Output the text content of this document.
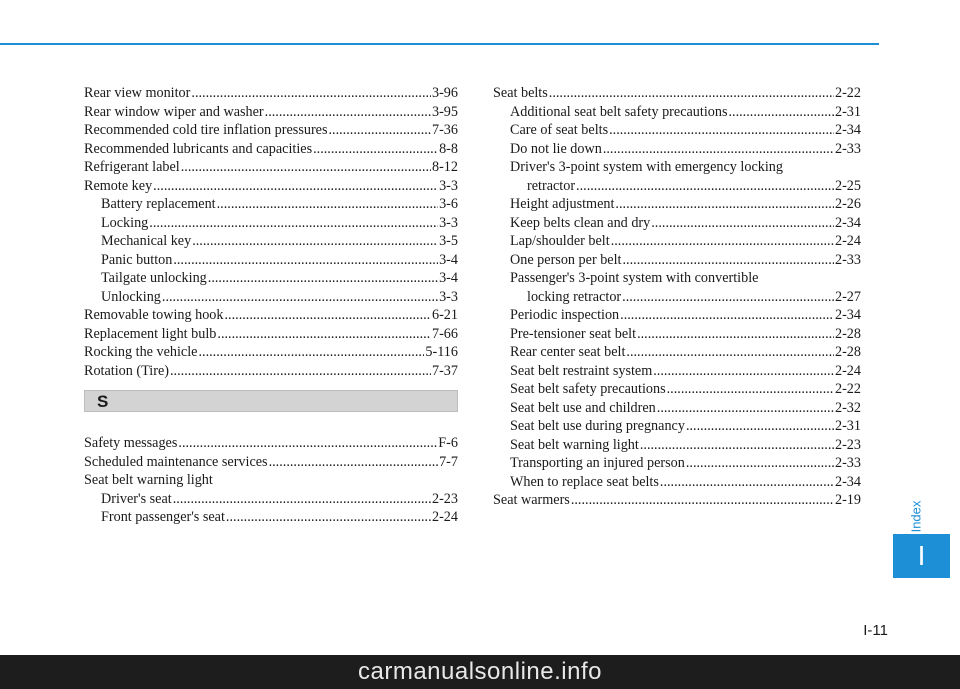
Rear view monitor .....	3-96
Rear window wiper and washer .....	3-95
Recommended cold tire inflation pressures .....	7-36
Recommended lubricants and capacities .....	8-8
Refrigerant label .....	8-12
Remote key .....	3-3
Battery replacement .....	3-6
Locking .....	3-3
Mechanical key .....	3-5
Panic button .....	3-4
Tailgate unlocking .....	3-4
Unlocking .....	3-3
Removable towing hook .....	6-21
Replacement light bulb .....	7-66
Rocking the vehicle .....	5-116
Rotation (Tire) .....	7-37
S
Safety messages .....	F-6
Scheduled maintenance services .....	7-7
Seat belt warning light
Driver's seat .....	2-23
Front passenger's seat .....	2-24
Seat belts .....	2-22
Additional seat belt safety precautions .....	2-31
Care of seat belts .....	2-34
Do not lie down .....	2-33
Driver's 3-point system with emergency locking
retractor .....	2-25
Height adjustment .....	2-26
Keep belts clean and dry .....	2-34
Lap/shoulder belt .....	2-24
One person per belt .....	2-33
Passenger's 3-point system with convertible
locking retractor .....	2-27
Periodic inspection .....	2-34
Pre-tensioner seat belt .....	2-28
Rear center seat belt .....	2-28
Seat belt restraint system .....	2-24
Seat belt safety precautions .....	2-22
Seat belt use and children .....	2-32
Seat belt use during pregnancy .....	2-31
Seat belt warning light .....	2-23
Transporting an injured person .....	2-33
When to replace seat belts .....	2-34
Seat warmers .....	2-19
Index
I
I-11
carmanualsonline.info
